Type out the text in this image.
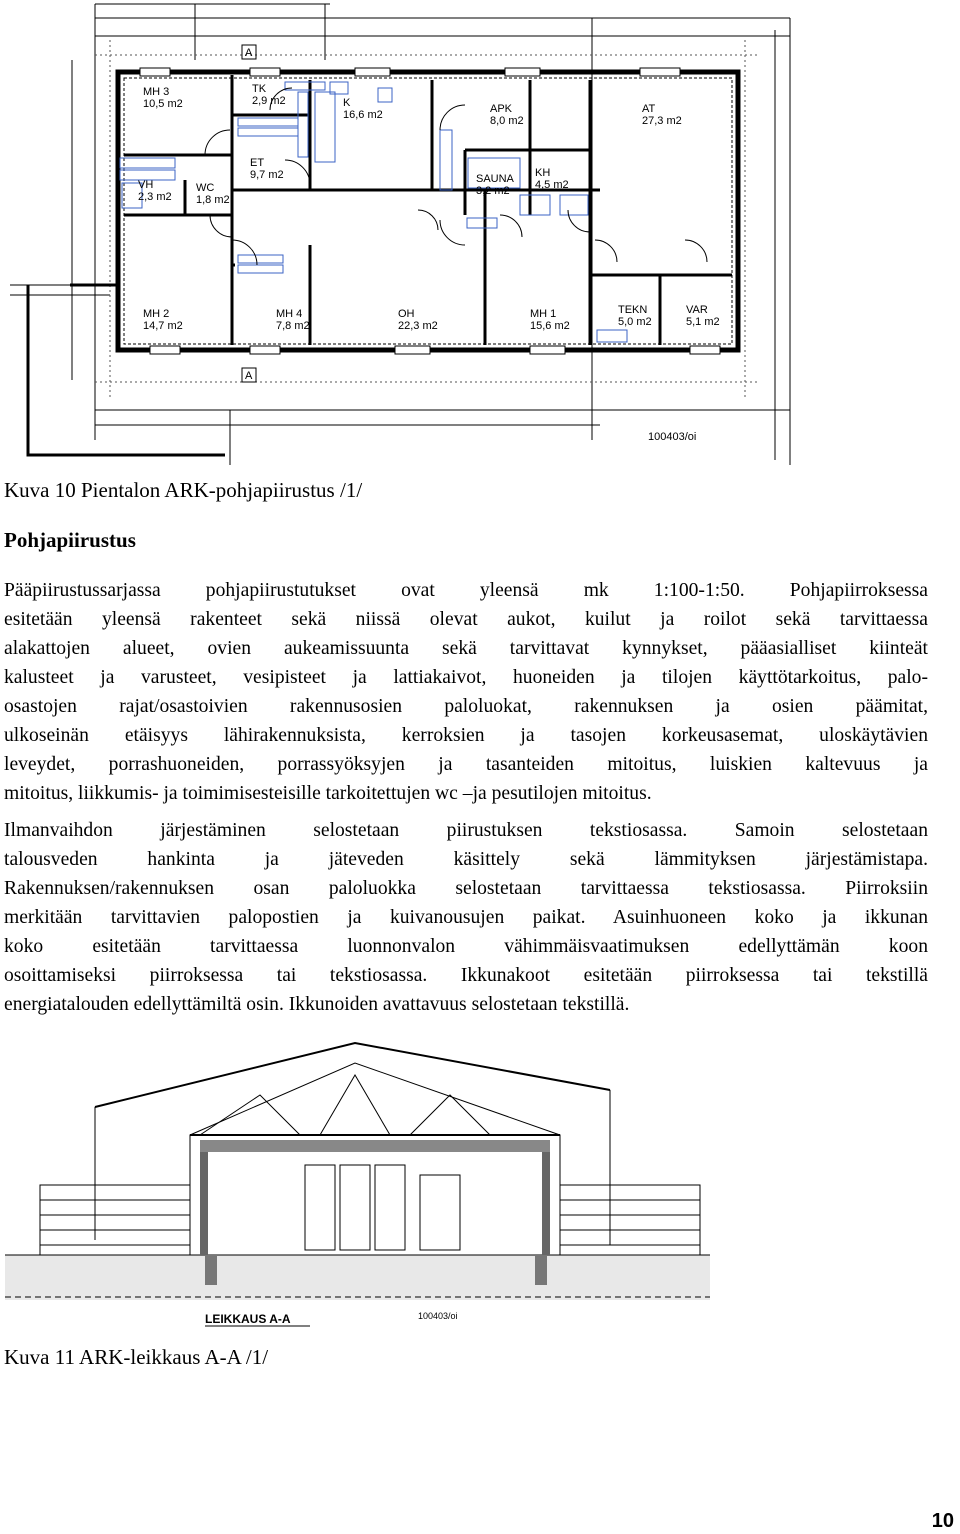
MH 3
10,5 m2
TK
2,9 m2	K
16,6 m2	APK
8,0 m2
AT
27,3 m2
ET
9,7 m2	SAUNA
3,2 m2
KH
4,5 m2
VH
2,3 m2
WC
1,8 m2
MH 2
14,7 m2
MH 4
7,8 m2
OH
22,3 m2
MH 1
15,6 m2
TEKN
5,0 m2
VAR
5,1 m2
A
A
100403/oi
Kuva 10 Pientalon ARK-pohjapiirustus /1/
Pohjapiirustus
Pääpiirustussarjassa pohjapiirustutukset ovat yleensä mk 1:100-1:50. Pohjapiirroksessa
esitetään yleensä rakenteet sekä niissä olevat aukot, kuilut ja roilot sekä tarvittaessa
alakattojen alueet, ovien aukeamissuunta sekä tarvittavat kynnykset, pääasialliset kiinteät
kalusteet ja varusteet, vesipisteet ja lattiakaivot, huoneiden ja tilojen käyttötarkoitus, palo-
osastojen rajat/osastoivien rakennusosien paloluokat, rakennuksen ja osien päämitat,
ulkoseinän etäisyys lähirakennuksista, kerroksien ja tasojen korkeusasemat, uloskäytävien
leveydet, porrashuoneiden, porrassyöksyjen ja tasanteiden mitoitus, luiskien kaltevuus ja
mitoitus, liikkumis- ja toimimisesteisille tarkoitettujen wc –ja pesutilojen mitoitus.
Ilmanvaihdon järjestäminen selostetaan piirustuksen tekstiosassa. Samoin selostetaan
talousveden hankinta ja jäteveden käsittely sekä lämmityksen järjestämistapa.
Rakennuksen/rakennuksen osan paloluokka selostetaan tarvittaessa tekstiosassa. Piirroksiin
merkitään tarvittavien palopostien ja kuivanousujen paikat. Asuinhuoneen koko ja ikkunan
koko esitetään tarvittaessa luonnonvalon vähimmäisvaatimuksen edellyttämän koon
osoittamiseksi piirroksessa tai tekstiosassa. Ikkunakoot esitetään piirroksessa tai tekstillä
energiatalouden edellyttämiltä osin. Ikkunoiden avattavuus selostetaan tekstillä.
LEIKKAUS A-A	100403/oi
Kuva 11 ARK-leikkaus A-A /1/
10
